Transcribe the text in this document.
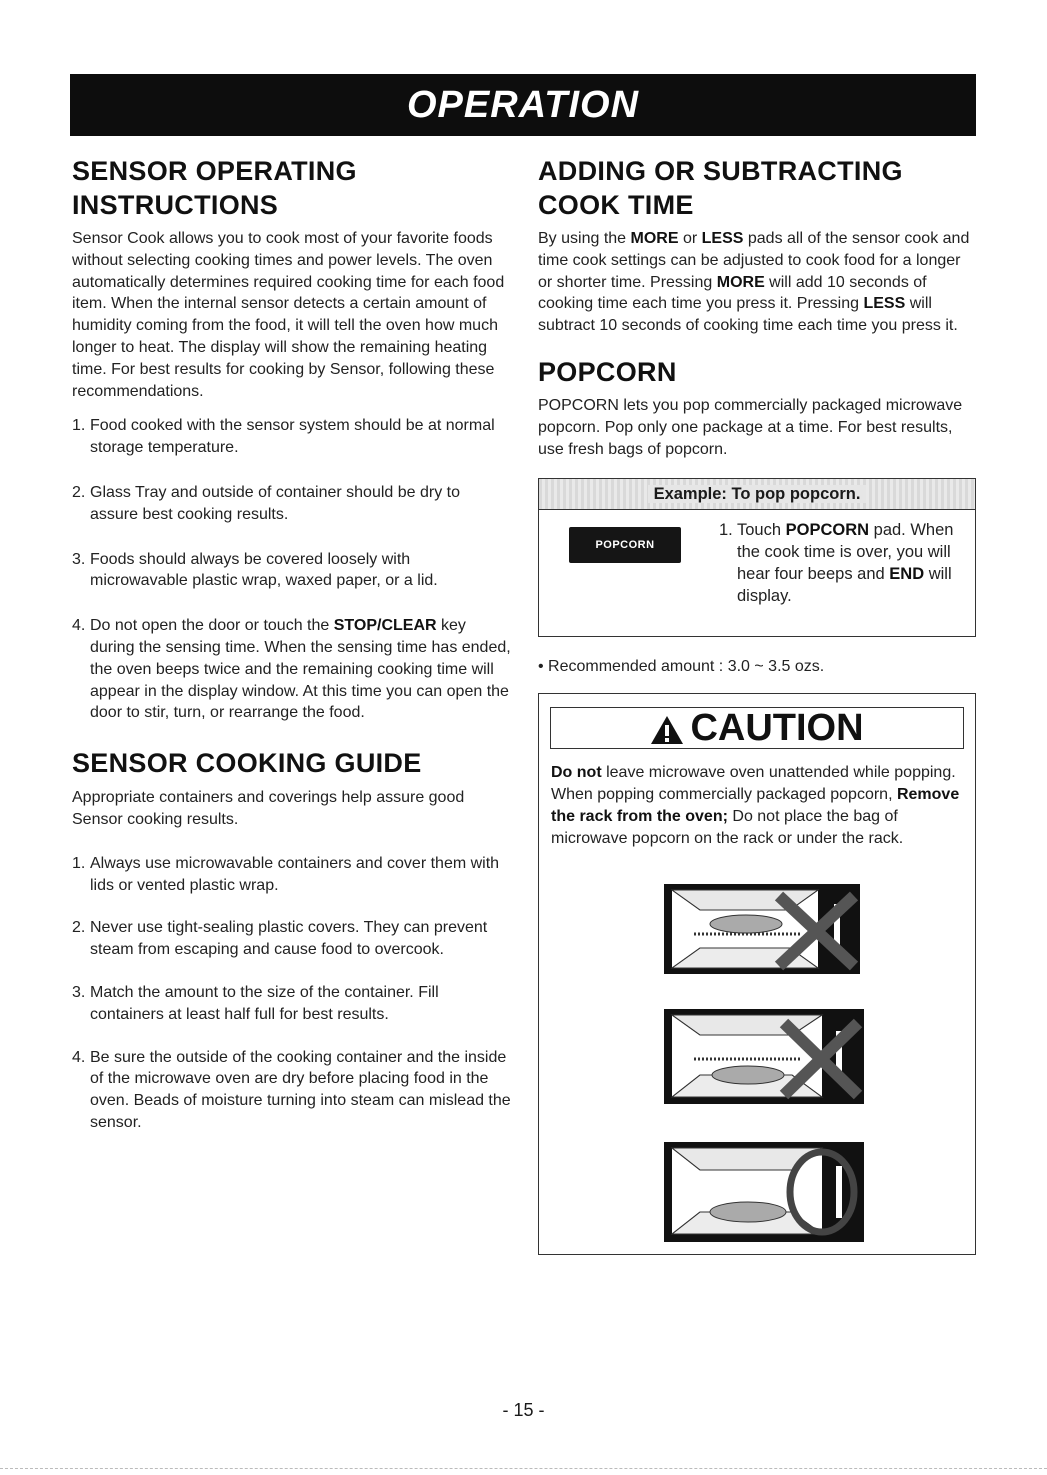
OPERATION
SENSOR OPERATING
INSTRUCTIONS

Sensor Cook allows you to cook most of your favorite foods without selecting cooking times and power levels. The oven automatically determines required cooking time for each food item. When the internal sensor detects a certain amount of humidity coming from the food, it will tell the oven how much longer to heat. The display will show the remaining heating time. For best results for cooking by Sensor, following these recommendations.

1. Food cooked with the sensor system should be at normal storage temperature.
2. Glass Tray and outside of container should be dry to assure best cooking results.
3. Foods should always be covered loosely with microwavable plastic wrap, waxed paper, or a lid.
4. Do not open the door or touch the STOP/CLEAR key during the sensing time. When the sensing time has ended, the oven beeps twice and the remaining cooking time will appear in the display window. At this time you can open the door to stir, turn, or rearrange the food.
SENSOR COOKING GUIDE

Appropriate containers and coverings help assure good Sensor cooking results.

1. Always use microwavable containers and cover them with lids or vented plastic wrap.
2. Never use tight-sealing plastic covers. They can prevent steam from escaping and cause food to overcook.
3. Match the amount to the size of the container. Fill containers at least half full for best results.
4. Be sure the outside of the cooking container and the inside of the microwave oven are dry before placing food in the oven. Beads of moisture turning into steam can mislead the sensor.
ADDING OR SUBTRACTING
COOK TIME

By using the MORE or LESS pads all of the sensor cook and time cook settings can be adjusted to cook food for a longer or shorter time. Pressing MORE will add 10 seconds of cooking time each time you press it. Pressing LESS will subtract 10 seconds of cooking time each time you press it.

POPCORN

POPCORN lets you pop commercially packaged microwave popcorn. Pop only one package at a time. For best results, use fresh bags of popcorn.

Example: To pop popcorn.
POPCORN
1. Touch POPCORN pad. When the cook time is over, you will hear four beeps and END will display.

• Recommended amount : 3.0 ~ 3.5 ozs.

CAUTION

Do not leave microwave oven unattended while popping. When popping commercially packaged popcorn, Remove the rack from the oven; Do not place the bag of microwave popcorn on the rack or under the rack.

- 15 -
